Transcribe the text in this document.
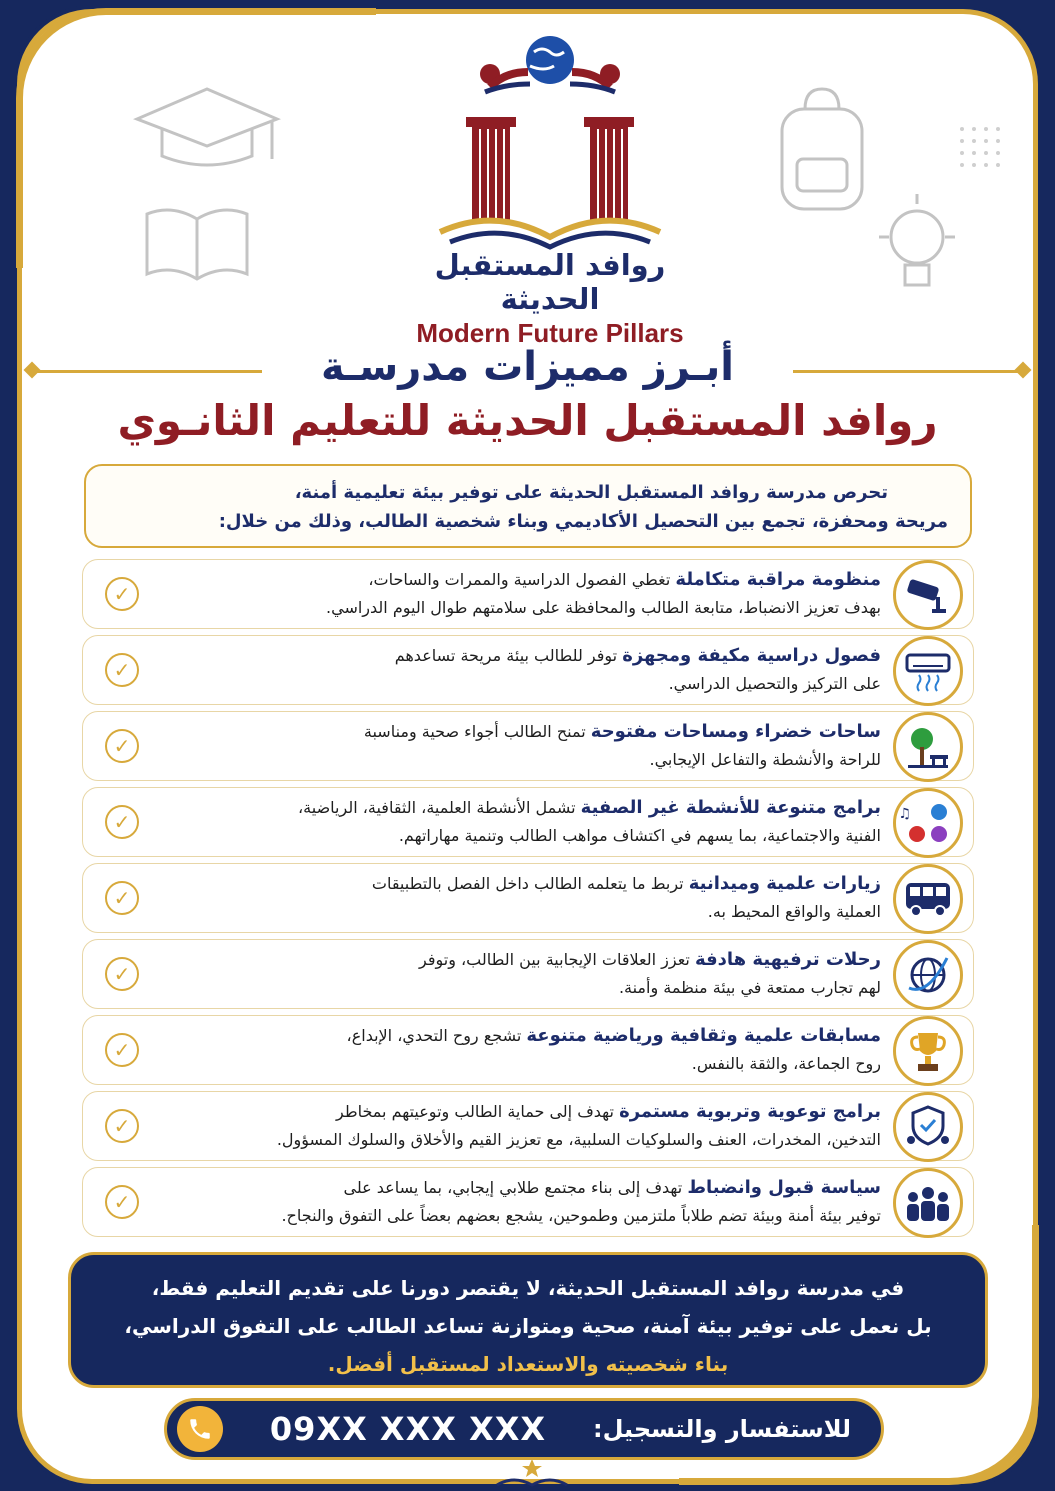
روافد المستقبل الحديثة
Modern Future Pillars
أبـرز مميزات مدرسـة
روافد المستقبل الحديثة للتعليم الثانـوي
تحرص مدرسة روافد المستقبل الحديثة على توفير بيئة تعليمية أمنة،
مريحة ومحفزة، تجمع بين التحصيل الأكاديمي وبناء شخصية الطالب، وذلك من خلال:
منظومة مراقبة متكاملة تغطي الفصول الدراسية والممرات والساحات،
بهدف تعزيز الانضباط، متابعة الطالب والمحافظة على سلامتهم طوال اليوم الدراسي.
✓
فصول دراسية مكيفة ومجهزة توفر للطالب بيئة مريحة تساعدهم
على التركيز والتحصيل الدراسي.
✓
ساحات خضراء ومساحات مفتوحة تمنح الطالب أجواء صحية ومناسبة
للراحة والأنشطة والتفاعل الإيجابي.
✓
♫
برامج متنوعة للأنشطة غير الصفية تشمل الأنشطة العلمية، الثقافية، الرياضية،
الفنية والاجتماعية، بما يسهم في اكتشاف مواهب الطالب وتنمية مهاراتهم.
✓
زيارات علمية وميدانية تربط ما يتعلمه الطالب داخل الفصل بالتطبيقات
العملية والواقع المحيط به.
✓
رحلات ترفيهية هادفة تعزز العلاقات الإيجابية بين الطالب، وتوفر
لهم تجارب ممتعة في بيئة منظمة وأمنة.
✓
مسابقات علمية وثقافية ورياضية متنوعة تشجع روح التحدي، الإبداع،
روح الجماعة، والثقة بالنفس.
✓
برامج توعوية وتربوية مستمرة تهدف إلى حماية الطالب وتوعيتهم بمخاطر
التدخين، المخدرات، العنف والسلوكيات السلبية، مع تعزيز القيم والأخلاق والسلوك المسؤول.
✓
سياسة قبول وانضباط تهدف إلى بناء مجتمع طلابي إيجابي، بما يساعد على
توفير بيئة أمنة وبيئة تضم طلاباً ملتزمين وطموحين، يشجع بعضهم بعضاً على التفوق والنجاح.
✓
في مدرسة روافد المستقبل الحديثة، لا يقتصر دورنا على تقديم التعليم فقط،
بل نعمل على توفير بيئة آمنة، صحية ومتوازنة تساعد الطالب على التفوق الدراسي،
بناء شخصيته والاستعداد لمستقبل أفضل.
للاستفسار والتسجيل:
09XX XXX XXX
